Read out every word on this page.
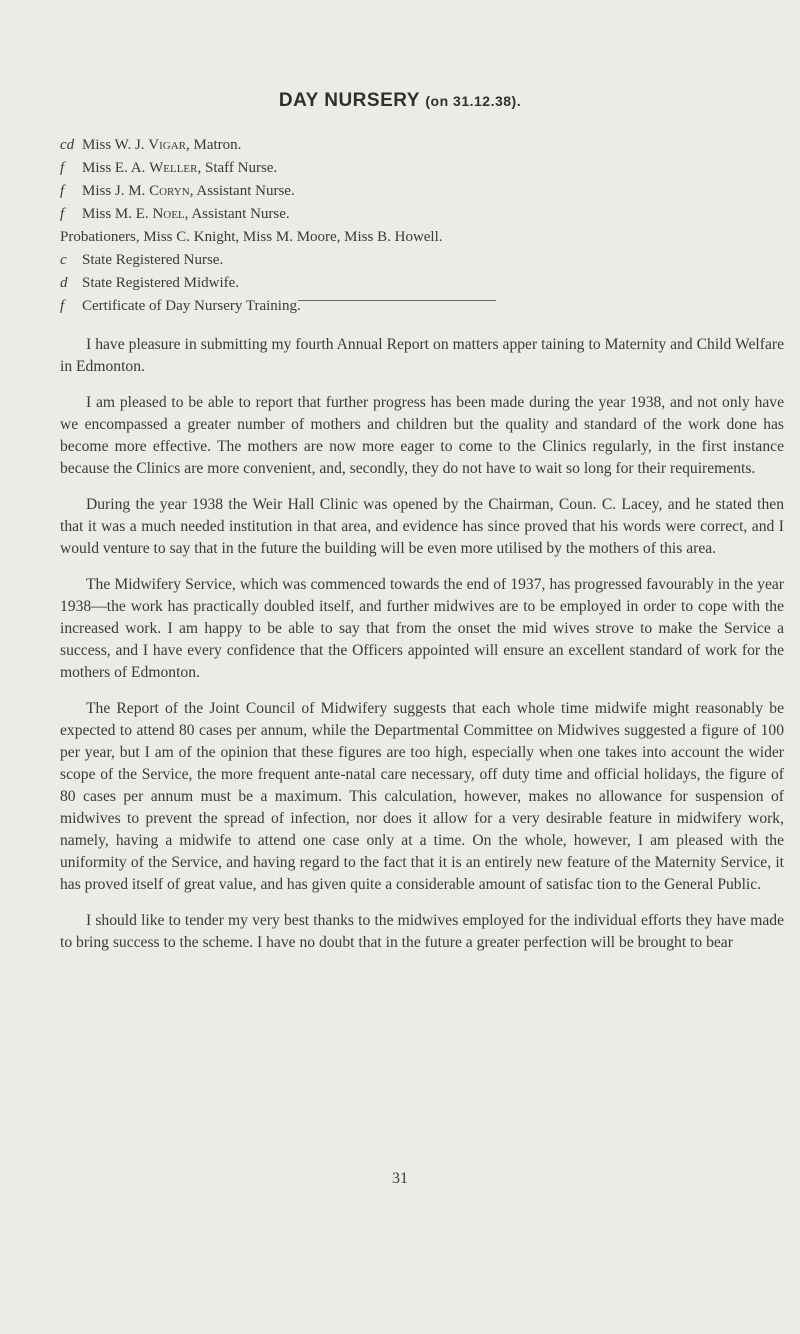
DAY NURSERY (on 31.12.38).
cd Miss W. J. Vigar, Matron.
f Miss E. A. Weller, Staff Nurse.
f Miss J. M. Coryn, Assistant Nurse.
f Miss M. E. Noel, Assistant Nurse.
Probationers, Miss C. Knight, Miss M. Moore, Miss B. Howell.
c State Registered Nurse.
d State Registered Midwife.
f Certificate of Day Nursery Training.

I have pleasure in submitting my fourth Annual Report on matters apper taining to Maternity and Child Welfare in Edmonton.

I am pleased to be able to report that further progress has been made during the year 1938, and not only have we encompassed a greater number of mothers and children but the quality and standard of the work done has become more effective. The mothers are now more eager to come to the Clinics regularly, in the first instance because the Clinics are more convenient, and, secondly, they do not have to wait so long for their requirements.

During the year 1938 the Weir Hall Clinic was opened by the Chairman, Coun. C. Lacey, and he stated then that it was a much needed institution in that area, and evidence has since proved that his words were correct, and I would venture to say that in the future the building will be even more utilised by the mothers of this area.

The Midwifery Service, which was commenced towards the end of 1937, has progressed favourably in the year 1938—the work has practically doubled itself, and further midwives are to be employed in order to cope with the increased work. I am happy to be able to say that from the onset the mid wives strove to make the Service a success, and I have every confidence that the Officers appointed will ensure an excellent standard of work for the mothers of Edmonton.

The Report of the Joint Council of Midwifery suggests that each whole time midwife might reasonably be expected to attend 80 cases per annum, while the Departmental Committee on Midwives suggested a figure of 100 per year, but I am of the opinion that these figures are too high, especially when one takes into account the wider scope of the Service, the more frequent ante-natal care necessary, off duty time and official holidays, the figure of 80 cases per annum must be a maximum. This calculation, however, makes no allowance for suspension of midwives to prevent the spread of infection, nor does it allow for a very desirable feature in midwifery work, namely, having a midwife to attend one case only at a time. On the whole, however, I am pleased with the uniformity of the Service, and having regard to the fact that it is an entirely new feature of the Maternity Service, it has proved itself of great value, and has given quite a considerable amount of satisfac tion to the General Public.

I should like to tender my very best thanks to the midwives employed for the individual efforts they have made to bring success to the scheme. I have no doubt that in the future a greater perfection will be brought to bear

31
